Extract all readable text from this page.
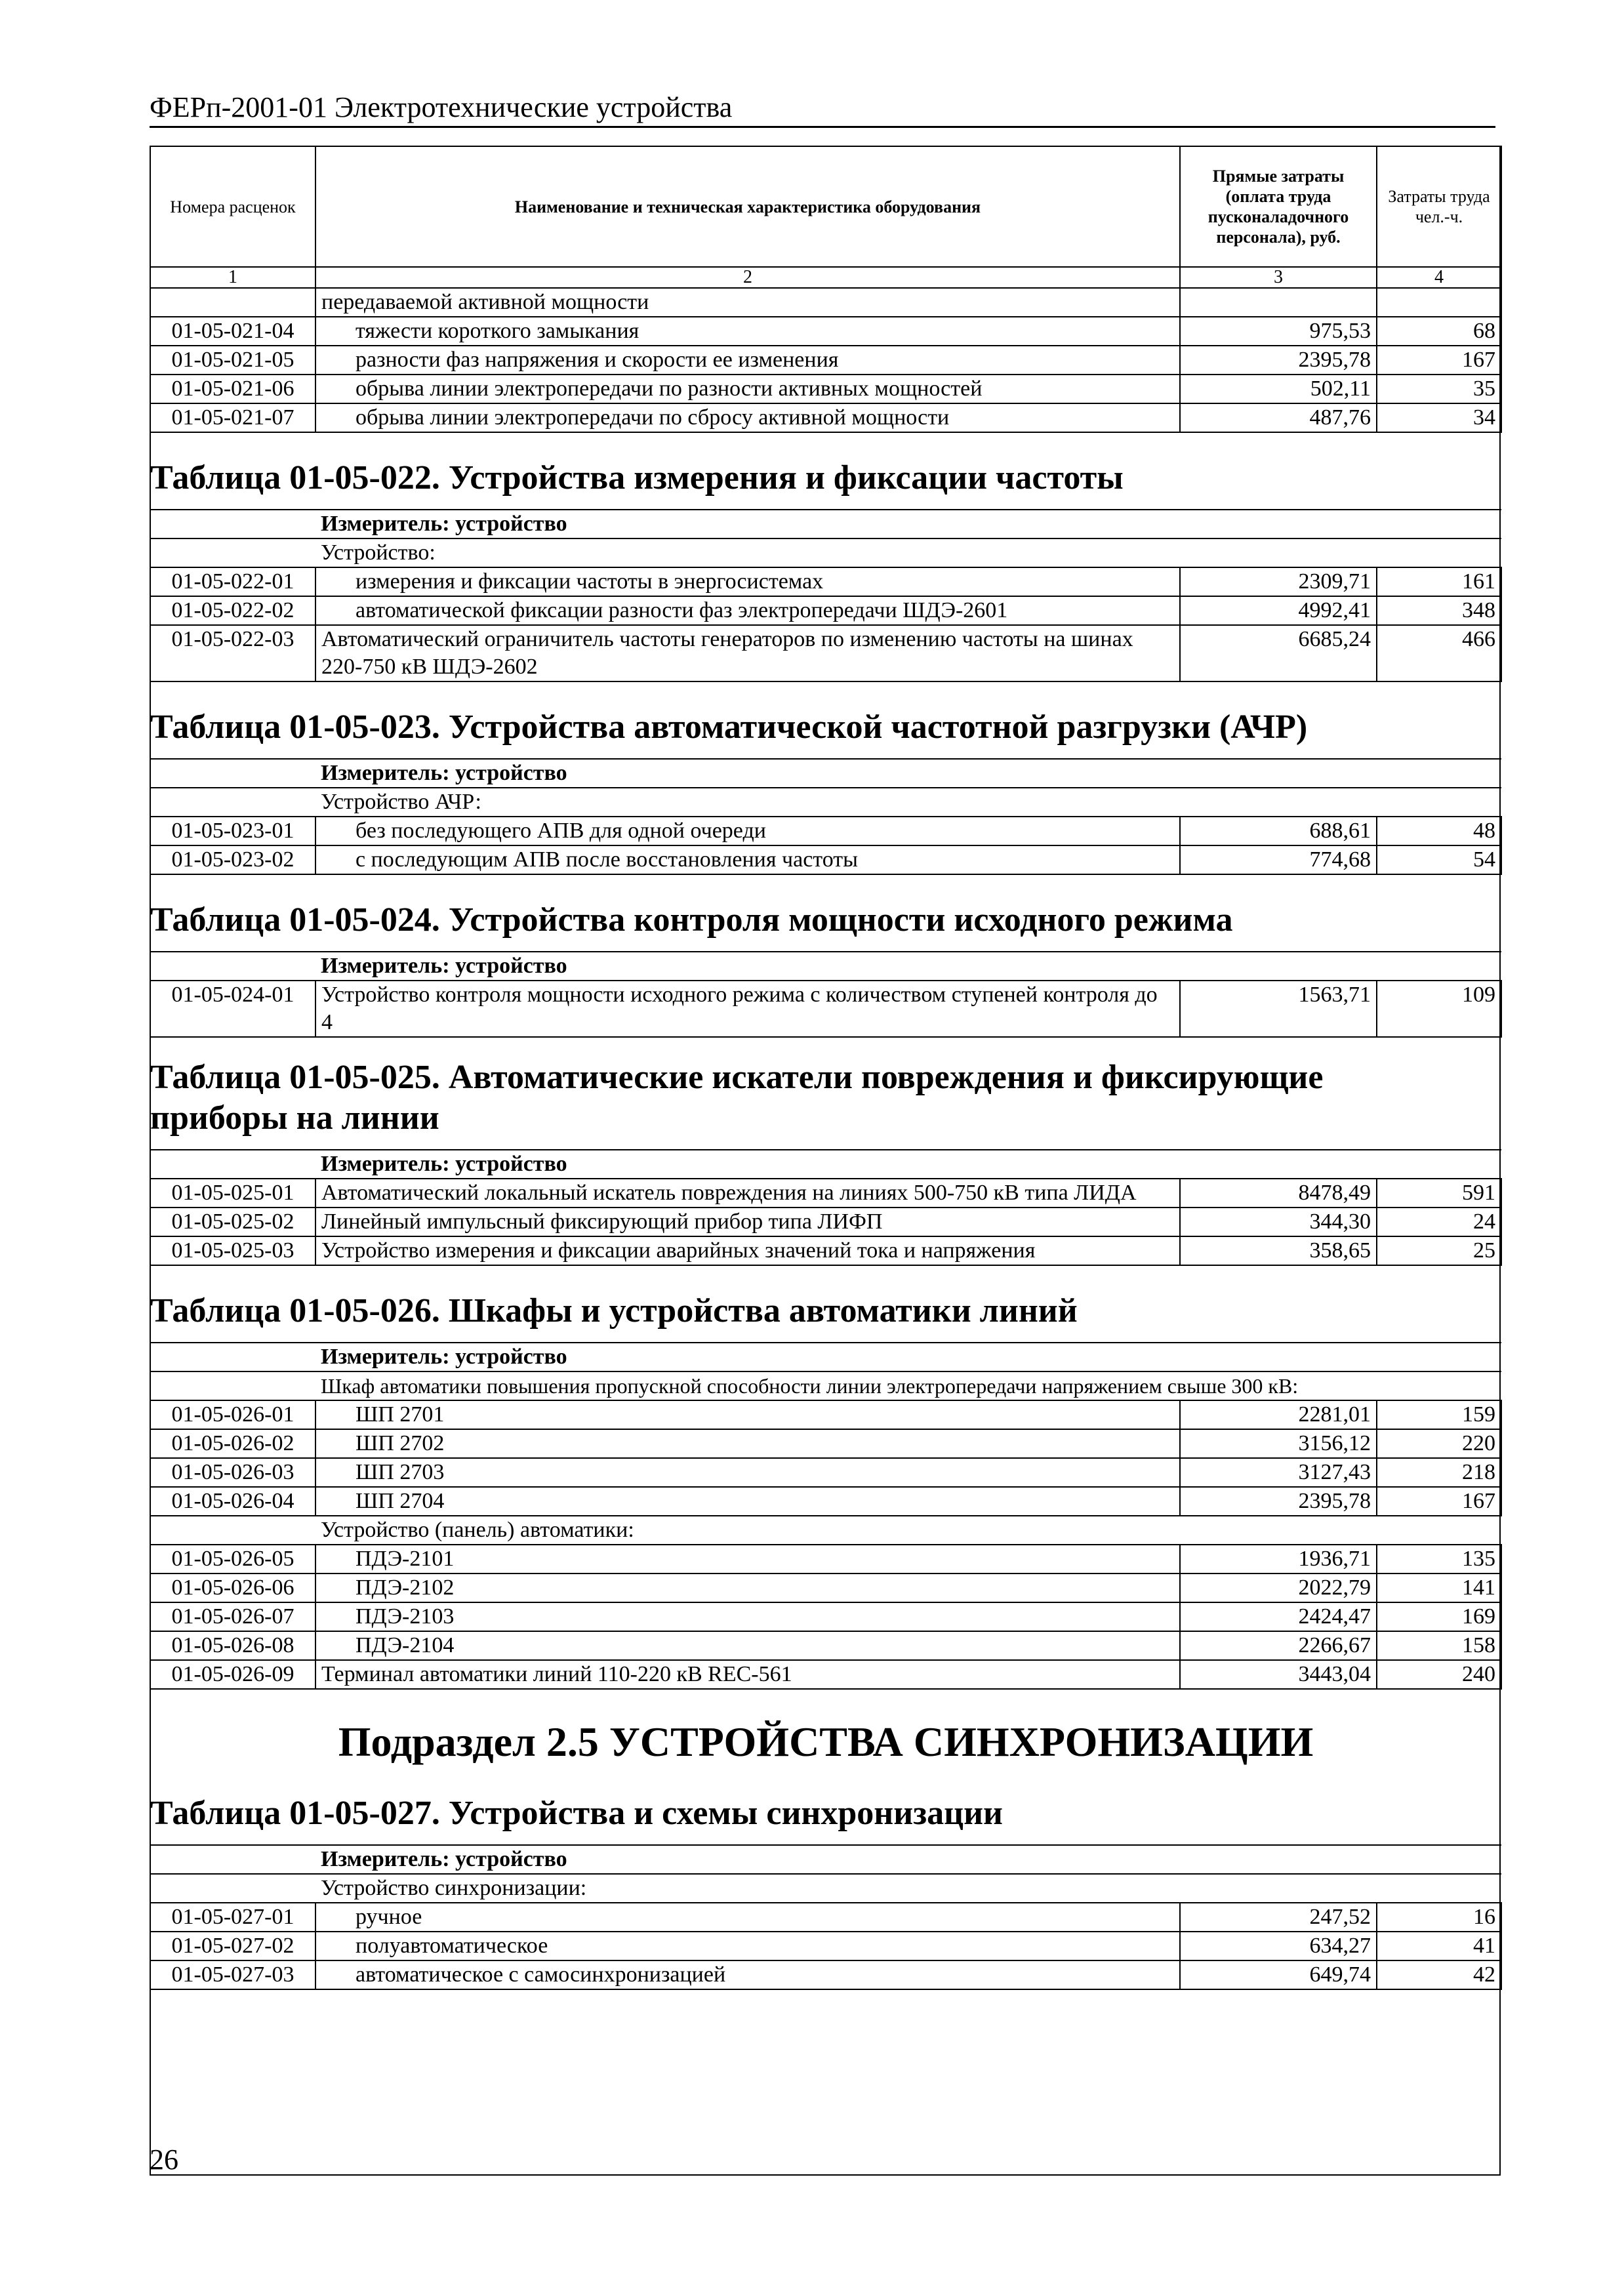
ФЕРп-2001-01 Электротехнические устройства
Номера расценок	Наименование и техническая характеристика оборудования	Прямые затраты (оплата труда пусконаладочного персонала), руб.	Затраты труда чел.-ч.
1	2	3	4
	передаваемой активной мощности		
01-05-021-04	тяжести короткого замыкания	975,53	68
01-05-021-05	разности фаз напряжения и скорости ее изменения	2395,78	167
01-05-021-06	обрыва линии электропередачи по разности активных мощностей	502,11	35
01-05-021-07	обрыва линии электропередачи по сбросу активной мощности	487,76	34
Таблица 01-05-022. Устройства измерения и фиксации частоты			
	Измеритель: устройство		
	Устройство:		
01-05-022-01	измерения и фиксации частоты в энергосистемах	2309,71	161
01-05-022-02	автоматической фиксации разности фаз электропередачи ШДЭ-2601	4992,41	348
01-05-022-03	Автоматический ограничитель частоты генераторов по изменению частоты на шинах 220-750 кВ ШДЭ-2602	6685,24	466
Таблица 01-05-023. Устройства автоматической частотной разгрузки (АЧР)			
	Измеритель: устройство		
	Устройство АЧР:		
01-05-023-01	без последующего АПВ для одной очереди	688,61	48
01-05-023-02	с последующим АПВ после восстановления частоты	774,68	54
Таблица 01-05-024. Устройства контроля мощности исходного режима			
	Измеритель: устройство		
01-05-024-01	Устройство контроля мощности исходного режима с количеством ступеней контроля до 4	1563,71	109
Таблица 01-05-025. Автоматические искатели повреждения и фиксирующие приборы на линии			
	Измеритель: устройство		
01-05-025-01	Автоматический локальный искатель повреждения на линиях 500-750 кВ типа ЛИДА	8478,49	591
01-05-025-02	Линейный импульсный фиксирующий прибор типа ЛИФП	344,30	24
01-05-025-03	Устройство измерения и фиксации аварийных значений тока и напряжения	358,65	25
Таблица 01-05-026. Шкафы и устройства автоматики линий			
	Измеритель: устройство		
	Шкаф автоматики повышения пропускной способности линии электропередачи напряжением свыше 300 кВ:		
01-05-026-01	ШП 2701	2281,01	159
01-05-026-02	ШП 2702	3156,12	220
01-05-026-03	ШП 2703	3127,43	218
01-05-026-04	ШП 2704	2395,78	167
	Устройство (панель) автоматики:		
01-05-026-05	ПДЭ-2101	1936,71	135
01-05-026-06	ПДЭ-2102	2022,79	141
01-05-026-07	ПДЭ-2103	2424,47	169
01-05-026-08	ПДЭ-2104	2266,67	158
01-05-026-09	Терминал автоматики линий 110-220 кВ REC-561	3443,04	240
Подраздел 2.5 УСТРОЙСТВА СИНХРОНИЗАЦИИ			
Таблица 01-05-027. Устройства и схемы синхронизации			
	Измеритель: устройство		
	Устройство синхронизации:		
01-05-027-01	ручное	247,52	16
01-05-027-02	полуавтоматическое	634,27	41
01-05-027-03	автоматическое с самосинхронизацией	649,74	42
26
